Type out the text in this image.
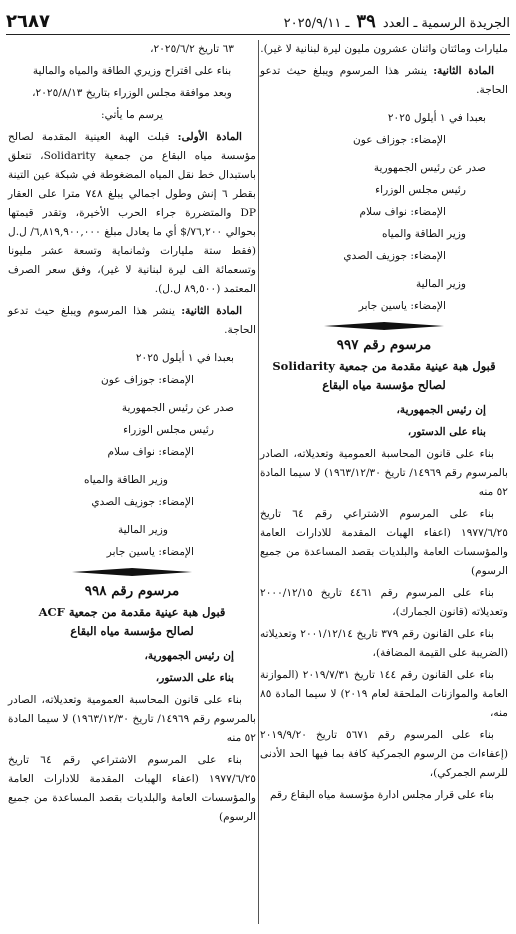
الجريدة الرسمية ـ العدد ٣٩ ـ ٢٠٢٥/٩/١١
٢٦٨٧

مليارات ومائتان واثنان عشرون مليون ليرة لبنانية لا غير).

المادة الثانية: ينشر هذا المرسوم ويبلغ حيث تدعو الحاجة.

بعبدا في ١ أيلول ٢٠٢٥

الإمضاء: جوزاف عون

صدر عن رئيس الجمهورية

رئيس مجلس الوزراء

الإمضاء: نواف سلام

وزير الطاقة والمياه

الإمضاء: جوزيف الصدي

وزير المالية

الإمضاء: ياسين جابر

مرسوم رقم ٩٩٧
قبول هبة عينية مقدمة من جمعية Solidarity
لصالح مؤسسة مياه البقاع

إن رئيس الجمهورية،

بناء على الدستور،

بناء على قانون المحاسبة العمومية وتعديلاته، الصادر بالمرسوم رقم ١٤٩٦٩/ تاريخ ١٩٦٣/١٢/٣٠) لا سيما المادة ٥٢ منه

بناء على المرسوم الاشتراعي رقم ٦٤ تاريخ ١٩٧٧/٦/٢٥ (اعفاء الهبات المقدمة للادارات العامة والمؤسسات العامة والبلديات بقصد المساعدة من جميع الرسوم)

بناء على المرسوم رقم ٤٤٦١ تاريخ ٢٠٠٠/١٢/١٥ وتعديلاته (قانون الجمارك)،

بناء على القانون رقم ٣٧٩ تاريخ ٢٠٠١/١٢/١٤ وتعديلاته (الضريبة على القيمة المضافة)،

بناء على القانون رقم ١٤٤ تاريخ ٢٠١٩/٧/٣١ (الموازنة العامة والموازنات الملحقة لعام ٢٠١٩) لا سيما المادة ٨٥ منه،

بناء على المرسوم رقم ٥٦٧١ تاريخ ٢٠١٩/٩/٢٠ (إعفاءات من الرسوم الجمركية كافة بما فيها الحد الأدنى للرسم الجمركي)،

بناء على قرار مجلس ادارة مؤسسة مياه البقاع رقم

٦٣ تاريخ ٢٠٢٥/٦/٢،

بناء على اقتراح وزيري الطاقة والمياه والمالية

وبعد موافقة مجلس الوزراء بتاريخ ٢٠٢٥/٨/١٣،

يرسم ما يأتي:

المادة الأولى: قبلت الهبة العينية المقدمة لصالح مؤسسة مياه البقاع من جمعية Solidarity، تتعلق باستبدال خط نقل المياه المضغوطة في شبكة عين التينة بقطر ٦ إنش وطول اجمالي يبلغ ٧٤٨ مترا على العقار DP والمتضررة جراء الحرب الأخيرة، وتقدر قيمتها بحوالي ٧٦,٢٠٠/$ أي ما يعادل مبلغ ٦,٨١٩,٩٠٠,٠٠٠/ ل.ل (فقط ستة مليارات وثمانماية وتسعة عشر مليونا وتسعمائة الف ليرة لبنانية لا غير)، وفق سعر الصرف المعتمد (٨٩,٥٠٠ ل.ل).

المادة الثانية: ينشر هذا المرسوم ويبلغ حيث تدعو الحاجة.

بعبدا في ١ أيلول ٢٠٢٥

الإمضاء: جوزاف عون

صدر عن رئيس الجمهورية

رئيس مجلس الوزراء

الإمضاء: نواف سلام

وزير الطاقة والمياه

الإمضاء: جوزيف الصدي

وزير المالية

الإمضاء: ياسين جابر

مرسوم رقم ٩٩٨
قبول هبة عينية مقدمة من جمعية ACF
لصالح مؤسسة مياه البقاع

إن رئيس الجمهورية،

بناء على الدستور،

بناء على قانون المحاسبة العمومية وتعديلاته، الصادر بالمرسوم رقم ١٤٩٦٩/ تاريخ ١٩٦٣/١٢/٣٠) لا سيما المادة ٥٢ منه

بناء على المرسوم الاشتراعي رقم ٦٤ تاريخ ١٩٧٧/٦/٢٥ (اعفاء الهبات المقدمة للادارات العامة والمؤسسات العامة والبلديات بقصد المساعدة من جميع الرسوم)
